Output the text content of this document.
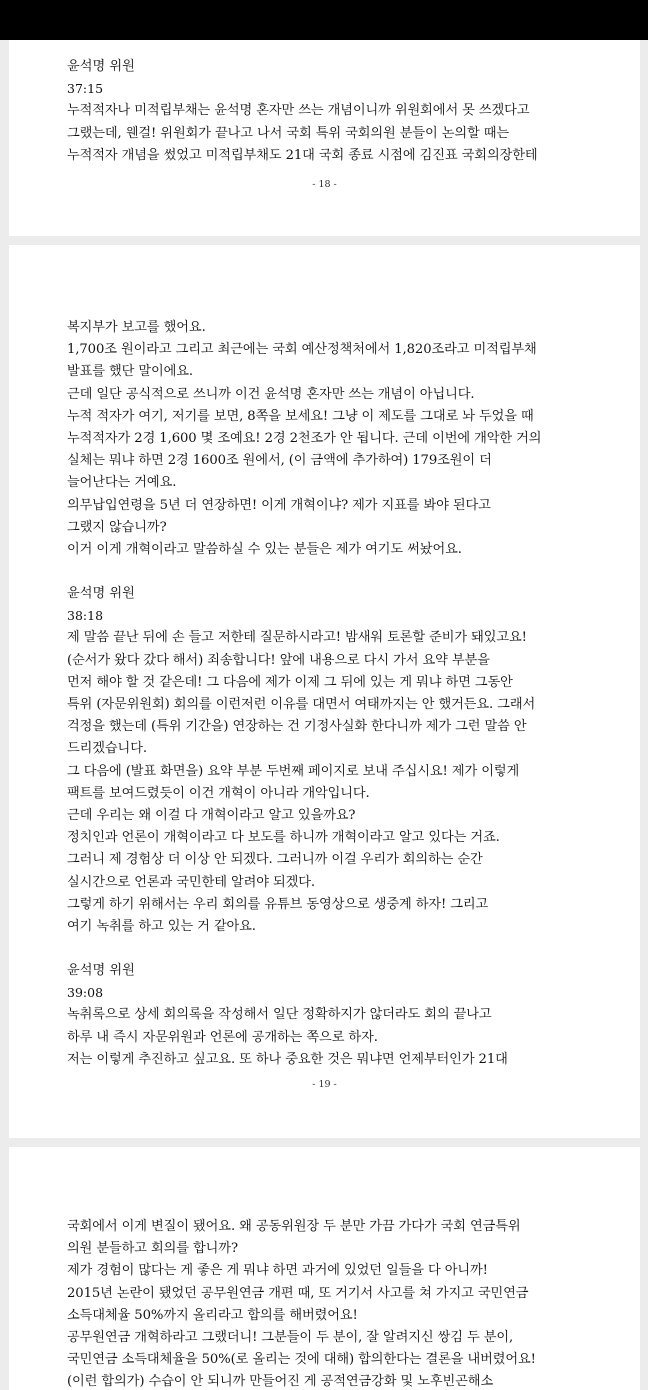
윤석명 위원
37:15
누적적자나 미적립부채는 윤석명 혼자만 쓰는 개념이니까 위원회에서 못 쓰겠다고
그랬는데, 웬걸! 위원회가 끝나고 나서 국회 특위 국회의원 분들이 논의할 때는
누적적자 개념을 썼었고 미적립부채도 21대 국회 종료 시점에 김진표 국회의장한테
- 18 -
복지부가 보고를 했어요.
1,700조 원이라고 그리고 최근에는 국회 예산정책처에서 1,820조라고 미적립부채
발표를 했단 말이에요.
근데 일단 공식적으로 쓰니까 이건 윤석명 혼자만 쓰는 개념이 아닙니다.
누적 적자가 여기, 저기를 보면, 8쪽을 보세요! 그냥 이 제도를 그대로 놔 두었을 때
누적적자가 2경 1,600 몇 조예요! 2경 2천조가 안 됩니다. 근데 이번에 개악한 거의
실체는 뭐냐 하면 2경 1600조 원에서, (이 금액에 추가하여) 179조원이 더
늘어난다는 거예요.
의무납입연령을 5년 더 연장하면! 이게 개혁이냐? 제가 지표를 봐야 된다고
그랬지 않습니까?
이거 이게 개혁이라고 말씀하실 수 있는 분들은 제가 여기도 써놨어요.
윤석명 위원
38:18
제 말씀 끝난 뒤에 손 들고 저한테 질문하시라고! 밤새워 토론할 준비가 돼있고요!
(순서가 왔다 갔다 해서) 죄송합니다! 앞에 내용으로 다시 가서 요약 부분을
먼저 해야 할 것 같은데! 그 다음에 제가 이제 그 뒤에 있는 게 뭐냐 하면 그동안
특위 (자문위원회) 회의를 이런저런 이유를 대면서 여태까지는 안 했거든요. 그래서
걱정을 했는데 (특위 기간을) 연장하는 건 기정사실화 한다니까 제가 그런 말씀 안
드리겠습니다.
그 다음에 (발표 화면을) 요약 부분 두번째 페이지로 보내 주십시요! 제가 이렇게
팩트를 보여드렸듯이 이건 개혁이 아니라 개악입니다.
근데 우리는 왜 이걸 다 개혁이라고 알고 있을까요?
정치인과 언론이 개혁이라고 다 보도를 하니까 개혁이라고 알고 있다는 거죠.
그러니 제 경험상 더 이상 안 되겠다. 그러니까 이걸 우리가 회의하는 순간
실시간으로 언론과 국민한테 알려야 되겠다.
그렇게 하기 위해서는 우리 회의를 유튜브 동영상으로 생중계 하자! 그리고
여기 녹취를 하고 있는 거 같아요.
윤석명 위원
39:08
녹취록으로 상세 회의록을 작성해서 일단 정확하지가 않더라도 회의 끝나고
하루 내 즉시 자문위원과 언론에 공개하는 쪽으로 하자.
저는 이렇게 추진하고 싶고요. 또 하나 중요한 것은 뭐냐면 언제부터인가 21대
- 19 -
국회에서 이게 변질이 됐어요. 왜 공동위원장 두 분만 가끔 가다가 국회 연금특위
의원 분들하고 회의를 합니까?
제가 경험이 많다는 게 좋은 게 뭐냐 하면 과거에 있었던 일들을 다 아니까!
2015년 논란이 됐었던 공무원연금 개편 때, 또 거기서 사고를 쳐 가지고 국민연금
소득대체율 50%까지 올리라고 합의를 해버렸어요!
공무원연금 개혁하라고 그랬더니! 그분들이 두 분이, 잘 알려지신 쌍김 두 분이,
국민연금 소득대체율을 50%(로 올리는 것에 대해) 합의한다는 결론을 내버렸어요!
(이런 합의가) 수습이 안 되니까 만들어진 게 공적연금강화 및 노후빈곤해소
